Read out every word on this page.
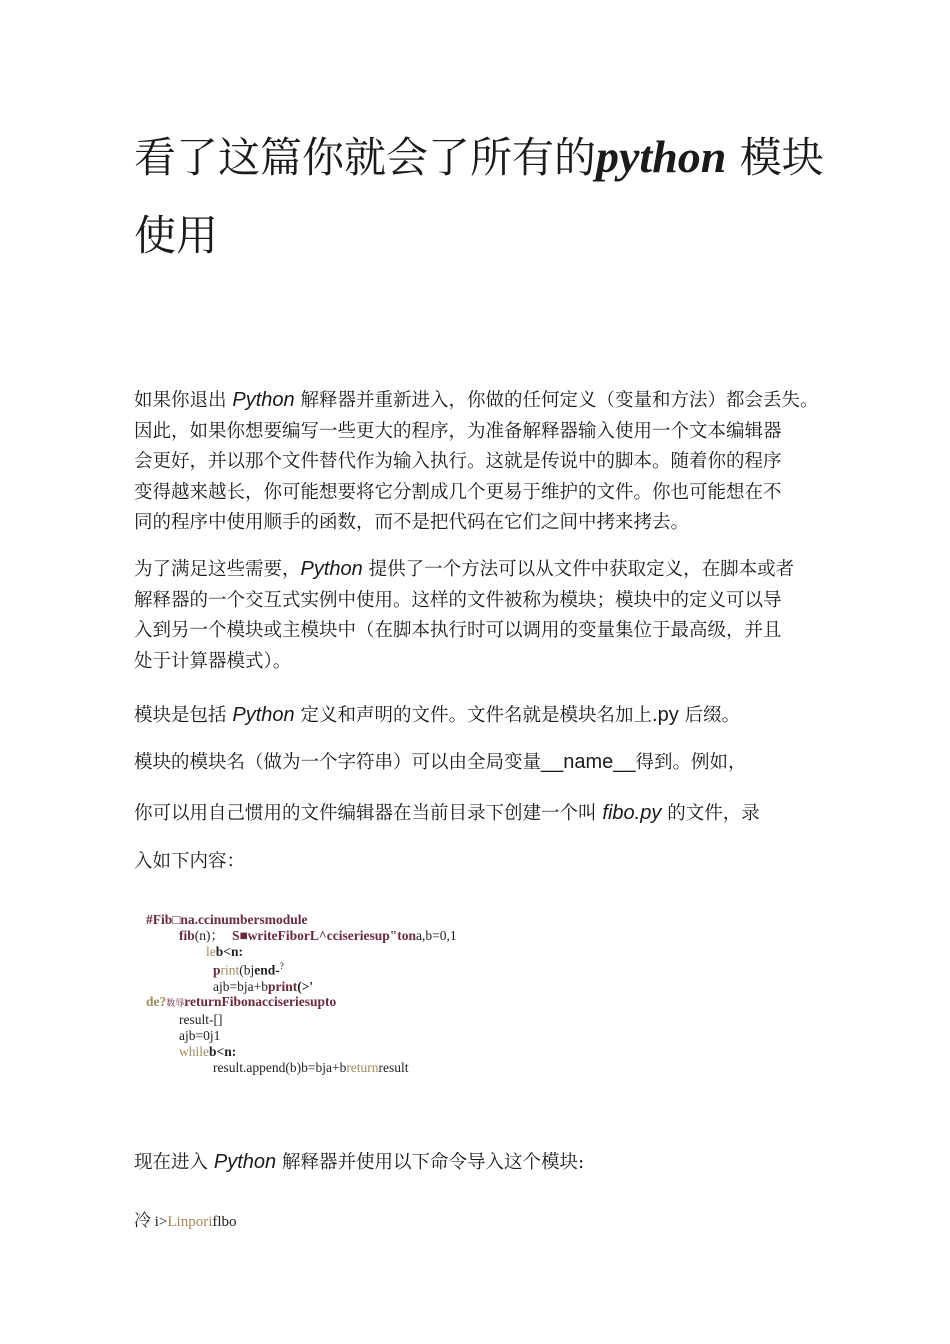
看了这篇你就会了所有的python 模块
使用
如果你退出 Python 解释器并重新进入，你做的任何定义（变量和方法）都会丢失。
因此，如果你想要编写一些更大的程序，为准备解释器输入使用一个文本编辑器
会更好，并以那个文件替代作为输入执行。这就是传说中的脚本。随着你的程序
变得越来越长，你可能想要将它分割成几个更易于维护的文件。你也可能想在不
同的程序中使用顺手的函数，而不是把代码在它们之间中拷来拷去。
为了满足这些需要，Python 提供了一个方法可以从文件中获取定义，在脚本或者
解释器的一个交互式实例中使用。这样的文件被称为模块；模块中的定义可以导
入到另一个模块或主模块中（在脚本执行时可以调用的变量集位于最高级，并且
处于计算器模式）。
模块是包括 Python 定义和声明的文件。文件名就是模块名加上.py 后缀。
模块的模块名（做为一个字符串）可以由全局变量__name__得到。例如，
你可以用自己惯用的文件编辑器在当前目录下创建一个叫 fibo.py 的文件，录
入如下内容：
#Fib□na.ccinumbersmodule
fib(n)； S■writeFiborL^cciseriesup"tona,b=0,1
leb<n:
print(bjend-?
ajb=bja+bprint(>'
de?数辱returnFibonacciseriesupto
result-[]
ajb=0j1
whileb<n:
result.append(b)b=bja+breturnresult
现在进入 Python 解释器并使用以下命令导入这个模块:
冷 i>Linporiflbo
